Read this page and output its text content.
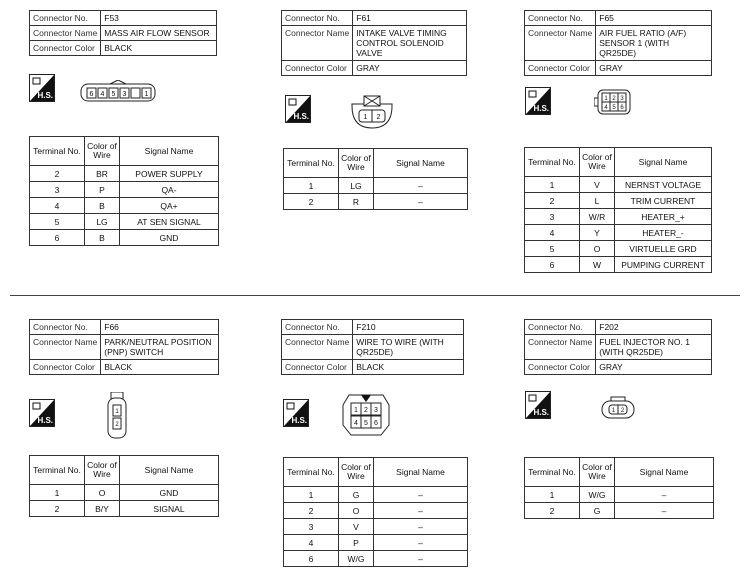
Connector No.	F53
Connector Name	MASS AIR FLOW SENSOR
Connector Color	BLACK
H.S.	6 4 5 3	1
Terminal No.	Color of Wire	Signal Name
2	BR	POWER SUPPLY
3	P	QA-
4	B	QA+
5	LG	AT SEN SIGNAL
6	B	GND
Connector No.	F61
Connector Name	INTAKE VALVE TIMING CONTROL SOLENOID VALVE
Connector Color	GRAY
H.S.	1 2
Terminal No.	Color of Wire	Signal Name
1	LG	–
2	R	–
Connector No.	F65
Connector Name	AIR FUEL RATIO (A/F) SENSOR 1 (WITH QR25DE)
Connector Color	GRAY
H.S.
1 2 3
4 5 6
Terminal No.	Color of Wire	Signal Name
1	V	NERNST VOLTAGE
2	L	TRIM CURRENT
3	W/R	HEATER_+
4	Y	HEATER_-
5	O	VIRTUELLE GRD
6	W	PUMPING CURRENT
Connector No.	F66
Connector Name	PARK/NEUTRAL POSITION (PNP) SWITCH
Connector Color	BLACK
H.S.
1
2
Terminal No.	Color of Wire	Signal Name
1	O	GND
2	B/Y	SIGNAL
Connector No.	F210
Connector Name	WIRE TO WIRE (WITH QR25DE)
Connector Color	BLACK
H.S.
1 2 3
4 5 6
Terminal No.	Color of Wire	Signal Name
1	G	–
2	O	–
3	V	–
4	P	–
6	W/G	–
Connector No.	F202
Connector Name	FUEL INJECTOR NO. 1 (WITH QR25DE)
Connector Color	GRAY
H.S.	1 2
Terminal No.	Color of Wire	Signal Name
1	W/G	–
2	G	–
